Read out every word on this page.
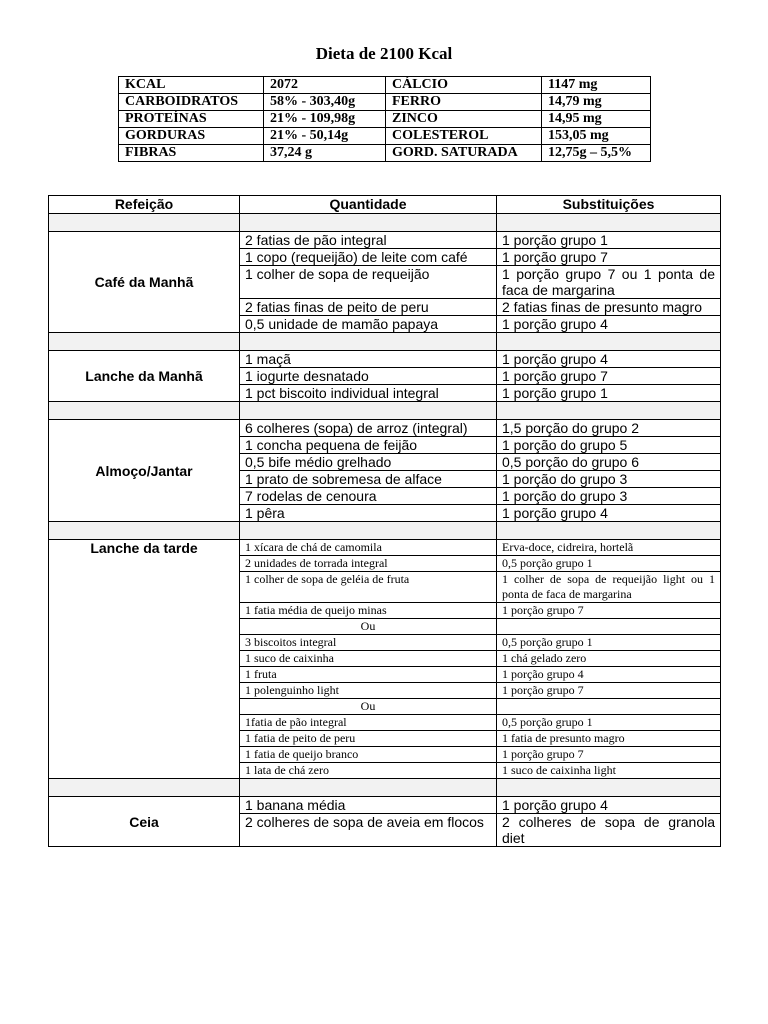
Dieta de 2100 Kcal
KCAL	2072	CÁLCIO	1147 mg
CARBOIDRATOS	58% - 303,40g	FERRO	14,79 mg
PROTEÍNAS	21% - 109,98g	ZINCO	14,95 mg
GORDURAS	21% - 50,14g	COLESTEROL	153,05 mg
FIBRAS	37,24 g	GORD. SATURADA	12,75g – 5,5%
Refeição	Quantidade	Substituições

Café da Manhã	2 fatias de pão integral	1 porção grupo 1
	1 copo (requeijão) de leite com café	1 porção grupo 7
	1 colher de sopa de requeijão	1 porção grupo 7 ou 1 ponta de faca de margarina
	2 fatias finas de peito de peru	2 fatias finas de presunto magro
	0,5 unidade de mamão papaya	1 porção grupo 4

Lanche da Manhã	1 maçã	1 porção grupo 4
	1 iogurte desnatado	1 porção grupo 7
	1 pct biscoito individual integral	1 porção grupo 1

Almoço/Jantar	6 colheres (sopa) de arroz (integral)	1,5 porção do grupo 2
	1 concha pequena de feijão	1 porção do grupo 5
	0,5 bife médio grelhado	0,5 porção do grupo 6
	1 prato de sobremesa de alface	1 porção do grupo 3
	7 rodelas de cenoura	1 porção do grupo 3
	1 pêra	1 porção grupo 4

Lanche da tarde	1 xícara de chá de camomila	Erva-doce, cidreira, hortelã
	2 unidades de torrada integral	0,5 porção grupo 1
	1 colher de sopa de geléia de fruta	1 colher de sopa de requeijão light ou 1 ponta de faca de margarina
	1 fatia média de queijo minas	1 porção grupo 7
	Ou	
	3 biscoitos integral	0,5 porção grupo 1
	1 suco de caixinha	1 chá gelado zero
	1 fruta	1 porção grupo 4
	1 polenguinho light	1 porção grupo 7
	Ou	
	1fatia de pão integral	0,5 porção grupo 1
	1 fatia de peito de peru	1 fatia de presunto magro
	1 fatia de queijo branco	1 porção grupo 7
	1 lata de chá zero	1 suco de caixinha light

Ceia	1 banana média	1 porção grupo 4
	2 colheres de sopa de aveia em flocos	2 colheres de sopa de granola diet
